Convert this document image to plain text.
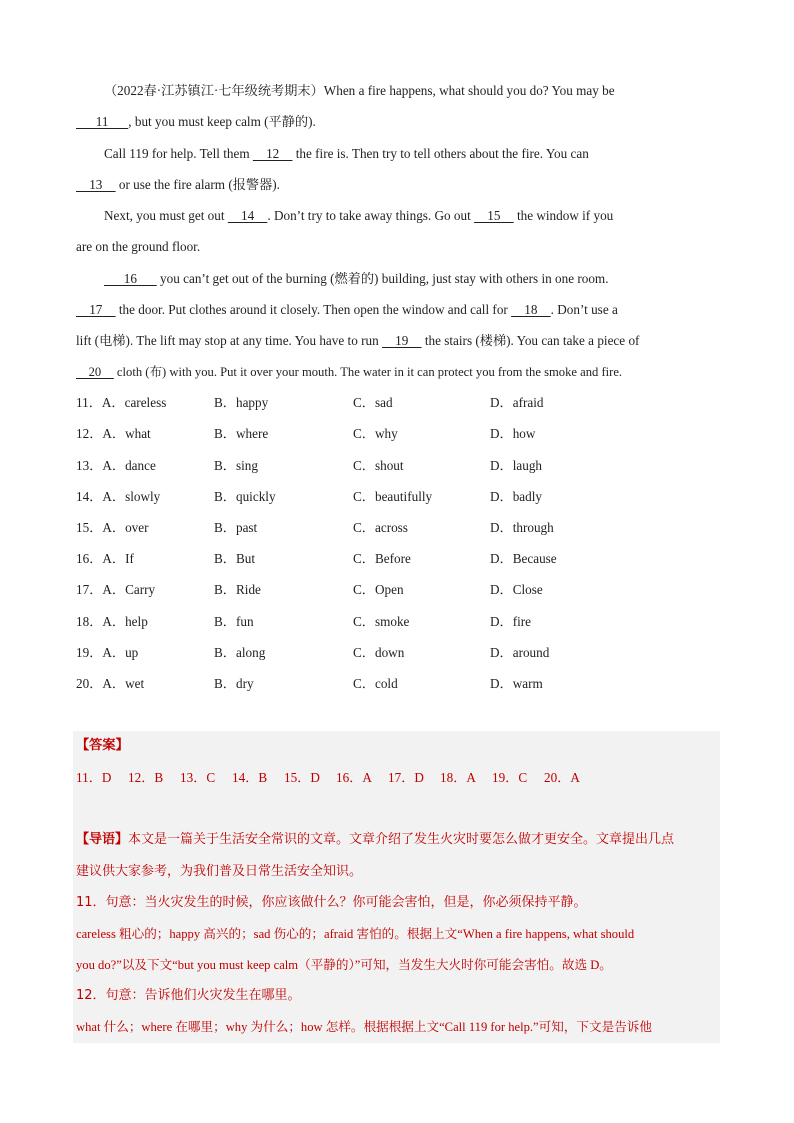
（2022春·江苏镇江·七年级统考期末）When a fire happens, what should you do? You may be
11      , but you must keep calm (平静的).
Call 119 for help. Tell them     12     the fire is. Then try to tell others about the fire. You can
13     or use the fire alarm (报警器).
Next, you must get out     14    . Don’t try to take away things. Go out     15     the window if you
are on the ground floor.
16       you can’t get out of the burning (燃着的) building, just stay with others in one room.
17     the door. Put clothes around it closely. Then open the window and call for     18    . Don’t use a
lift (电梯). The lift may stop at any time. You have to run     19     the stairs (楼梯). You can take a piece of
20     cloth (布) with you. Put it over your mouth. The water in it can protect you from the smoke and fire.
11．A．careless	B．happy	C．sad	D．afraid
12．A．what	B．where	C．why	D．how
13．A．dance	B．sing	C．shout	D．laugh
14．A．slowly	B．quickly	C．beautifully	D．badly
15．A．over	B．past	C．across	D．through
16．A．If	B．But	C．Before	D．Because
17．A．Carry	B．Ride	C．Open	D．Close
18．A．help	B．fun	C．smoke	D．fire
19．A．up	B．along	C．down	D．around
20．A．wet	B．dry	C．cold	D．warm
【答案】
11．D 12．B 13．C 14．B 15．D 16．A 17．D 18．A 19．C 20．A
【导语】本文是一篇关于生活安全常识的文章。文章介绍了发生火灾时要怎么做才更安全。文章提出几点
建议供大家参考，为我们普及日常生活安全知识。
11．句意：当火灾发生的时候，你应该做什么？你可能会害怕，但是，你必须保持平静。
careless 粗心的；happy 高兴的；sad 伤心的；afraid 害怕的。根据上文“When a fire happens, what should
you do?”以及下文“but you must keep calm（平静的）”可知，当发生大火时你可能会害怕。故选 D。
12．句意：告诉他们火灾发生在哪里。
what 什么；where 在哪里；why 为什么；how 怎样。根据根据上文“Call 119 for help.”可知，下文是告诉他
